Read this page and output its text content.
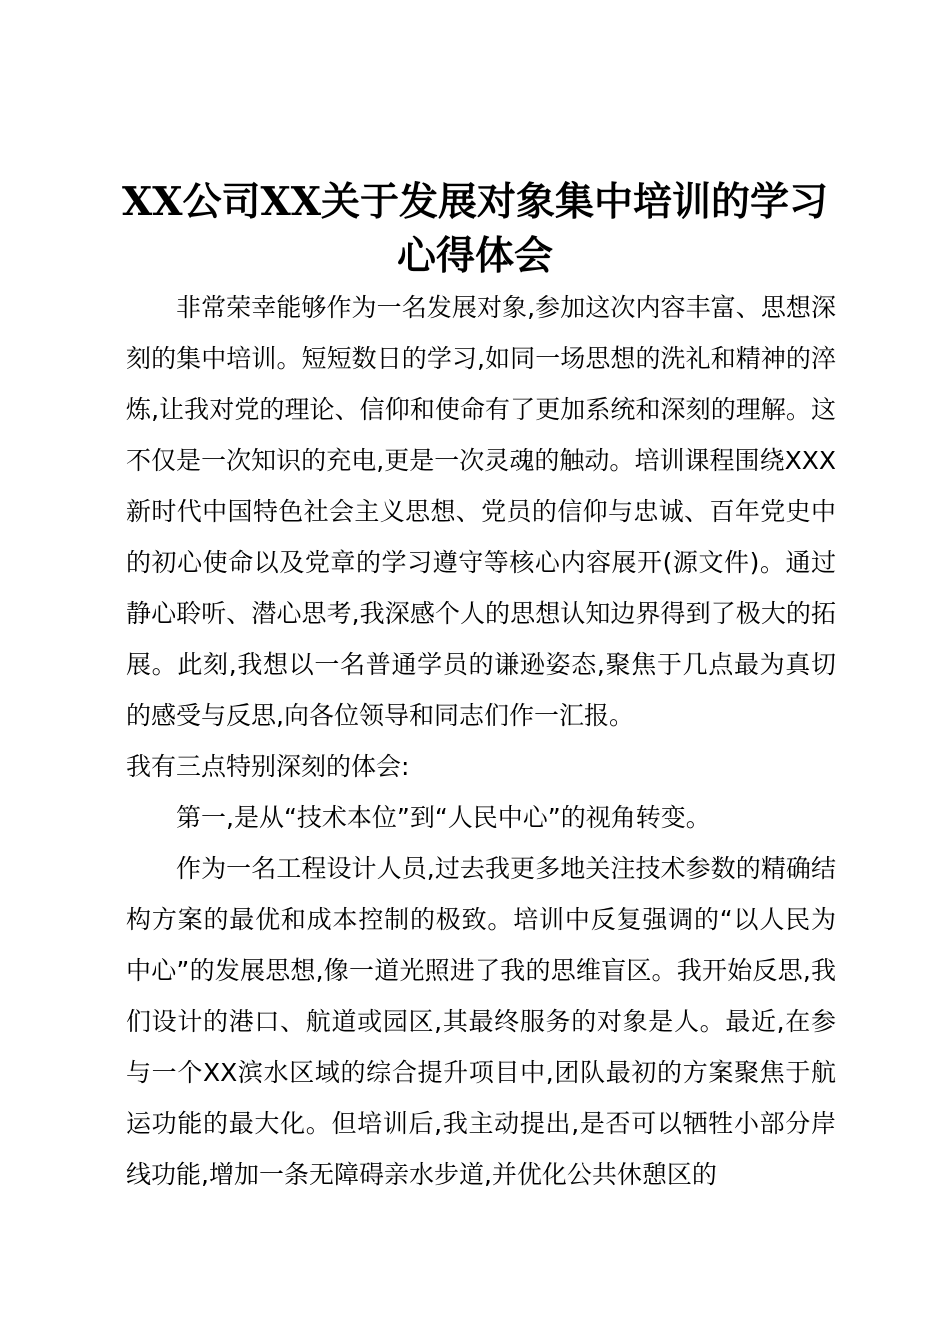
XX公司XX关于发展对象集中培训的学习心得体会

非常荣幸能够作为一名发展对象,参加这次内容丰富、思想深刻的集中培训。短短数日的学习,如同一场思想的洗礼和精神的淬炼,让我对党的理论、信仰和使命有了更加系统和深刻的理解。这不仅是一次知识的充电,更是一次灵魂的触动。培训课程围绕XXX新时代中国特色社会主义思想、党员的信仰与忠诚、百年党史中的初心使命以及党章的学习遵守等核心内容展开(源文件)。通过静心聆听、潜心思考,我深感个人的思想认知边界得到了极大的拓展。此刻,我想以一名普通学员的谦逊姿态,聚焦于几点最为真切的感受与反思,向各位领导和同志们作一汇报。

我有三点特别深刻的体会:

第一,是从“技术本位”到“人民中心”的视角转变。

作为一名工程设计人员,过去我更多地关注技术参数的精确结构方案的最优和成本控制的极致。培训中反复强调的“以人民为中心”的发展思想,像一道光照进了我的思维盲区。我开始反思,我们设计的港口、航道或园区,其最终服务的对象是人。最近,在参与一个XX滨水区域的综合提升项目中,团队最初的方案聚焦于航运功能的最大化。但培训后,我主动提出,是否可以牺牲小部分岸线功能,增加一条无障碍亲水步道,并优化公共休憩区的
